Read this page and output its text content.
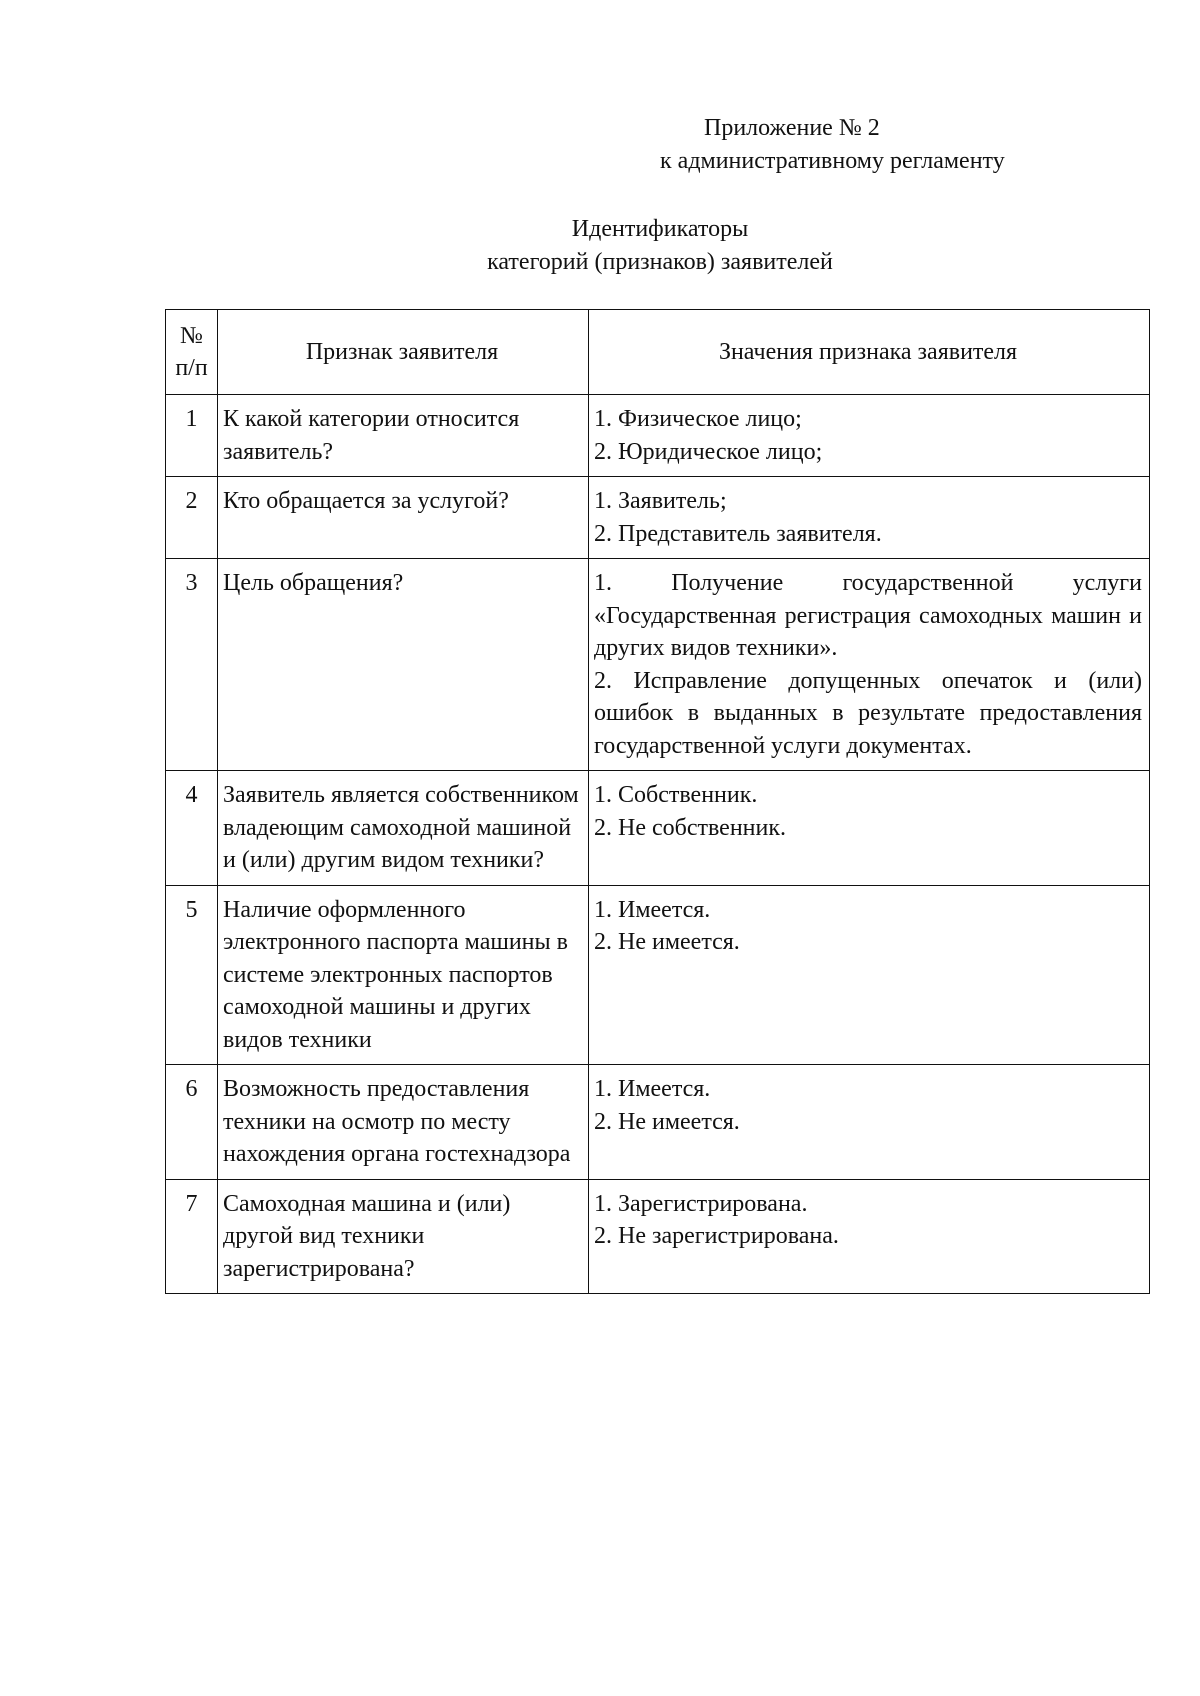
Приложение № 2
к административному регламенту
Идентификаторы
категорий (признаков) заявителей
№
п/п	Признак заявителя	Значения признака заявителя
1	К какой категории относится заявитель?	1. Физическое лицо;
2. Юридическое лицо;

2	Кто обращается за услугой?	1. Заявитель;
2. Представитель заявителя.

3	Цель обращения?	1. Получение государственной услуги «Государственная регистрация самоходных машин и других видов техники».
2. Исправление допущенных опечаток и (или) ошибок в выданных в результате предоставления государственной услуги документах.

4	Заявитель является собственником владеющим самоходной машиной и (или) другим видом техники?	1. Собственник.
2. Не собственник.

5	Наличие оформленного электронного паспорта машины в системе электронных паспортов самоходной машины и других видов техники	1. Имеется.
2. Не имеется.

6	Возможность предоставления техники на осмотр по месту нахождения органа гостехнадзора	1. Имеется.
2. Не имеется.

7	Самоходная машина и (или) другой вид техники зарегистрирована?	1. Зарегистрирована.
2. Не зарегистрирована.
